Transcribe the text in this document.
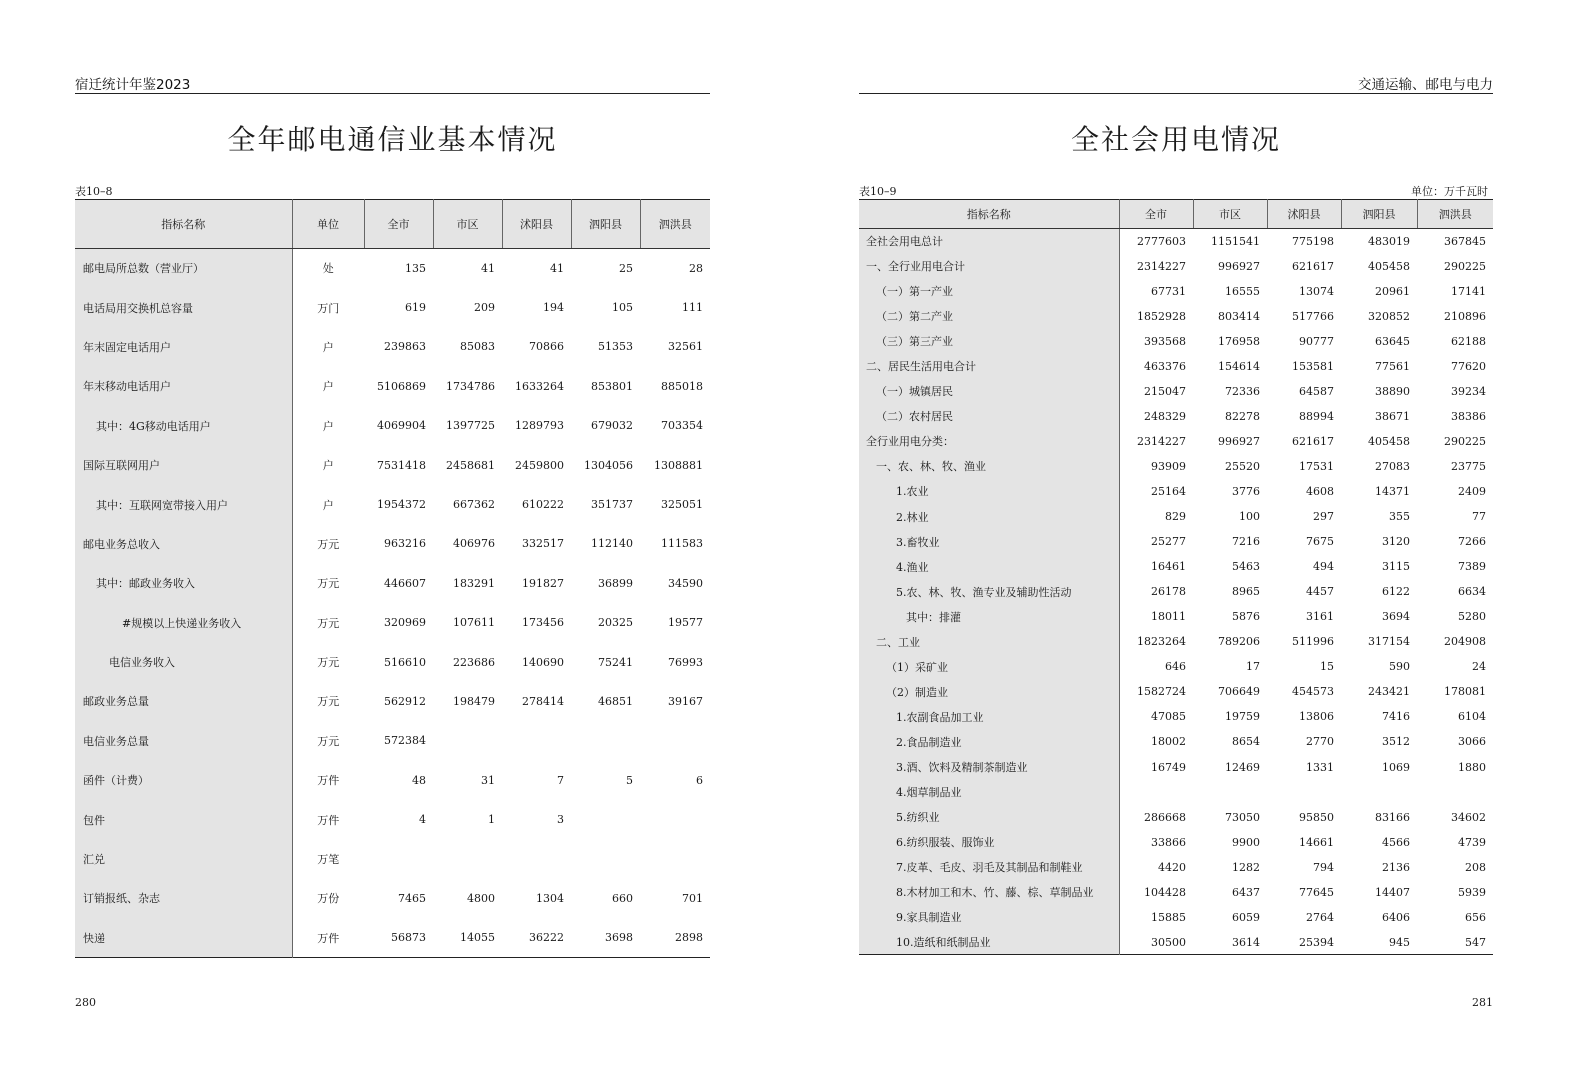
宿迁统计年鉴2023
全年邮电通信业基本情况
表10–8
指标名称	单位	全市	市区	沭阳县	泗阳县	泗洪县
邮电局所总数（营业厅）	处	135	41	41	25	28
电话局用交换机总容量	万门	619	209	194	105	111
年末固定电话用户	户	239863	85083	70866	51353	32561
年末移动电话用户	户	5106869	1734786	1633264	853801	885018
其中：4G移动电话用户	户	4069904	1397725	1289793	679032	703354
国际互联网用户	户	7531418	2458681	2459800	1304056	1308881
其中：互联网宽带接入用户	户	1954372	667362	610222	351737	325051
邮电业务总收入	万元	963216	406976	332517	112140	111583
其中：邮政业务收入	万元	446607	183291	191827	36899	34590
#规模以上快递业务收入	万元	320969	107611	173456	20325	19577
电信业务收入	万元	516610	223686	140690	75241	76993
邮政业务总量	万元	562912	198479	278414	46851	39167
电信业务总量	万元	572384				
函件（计费）	万件	48	31	7	5	6
包件	万件	4	1	3		
汇兑	万笔					
订销报纸、杂志	万份	7465	4800	1304	660	701
快递	万件	56873	14055	36222	3698	2898
280
交通运输、邮电与电力
全社会用电情况
表10–9	单位：万千瓦时
指标名称	全市	市区	沭阳县	泗阳县	泗洪县
全社会用电总计	2777603	1151541	775198	483019	367845
一、全行业用电合计	2314227	996927	621617	405458	290225
（一）第一产业	67731	16555	13074	20961	17141
（二）第二产业	1852928	803414	517766	320852	210896
（三）第三产业	393568	176958	90777	63645	62188
二、居民生活用电合计	463376	154614	153581	77561	77620
（一）城镇居民	215047	72336	64587	38890	39234
（二）农村居民	248329	82278	88994	38671	38386
全行业用电分类：	2314227	996927	621617	405458	290225
一、农、林、牧、渔业	93909	25520	17531	27083	23775
1.农业	25164	3776	4608	14371	2409
2.林业	829	100	297	355	77
3.畜牧业	25277	7216	7675	3120	7266
4.渔业	16461	5463	494	3115	7389
5.农、林、牧、渔专业及辅助性活动	26178	8965	4457	6122	6634
其中：排灌	18011	5876	3161	3694	5280
二、工业	1823264	789206	511996	317154	204908
（1）采矿业	646	17	15	590	24
（2）制造业	1582724	706649	454573	243421	178081
1.农副食品加工业	47085	19759	13806	7416	6104
2.食品制造业	18002	8654	2770	3512	3066
3.酒、饮料及精制茶制造业	16749	12469	1331	1069	1880
4.烟草制品业					
5.纺织业	286668	73050	95850	83166	34602
6.纺织服装、服饰业	33866	9900	14661	4566	4739
7.皮革、毛皮、羽毛及其制品和制鞋业	4420	1282	794	2136	208
8.木材加工和木、竹、藤、棕、草制品业	104428	6437	77645	14407	5939
9.家具制造业	15885	6059	2764	6406	656
10.造纸和纸制品业	30500	3614	25394	945	547
281
